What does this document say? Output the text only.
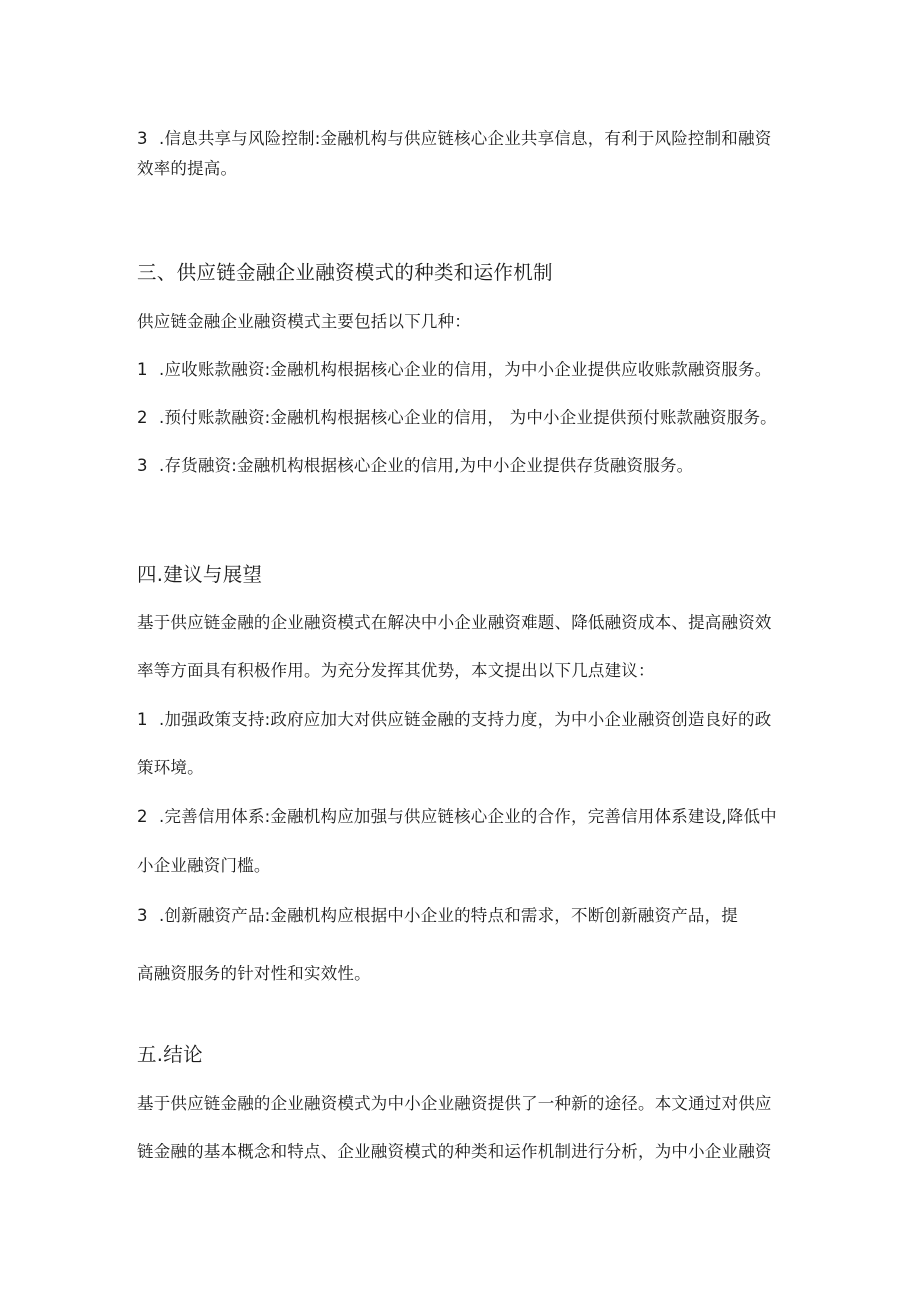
3 .信息共享与风险控制:金融机构与供应链核心企业共享信息，有利于风险控制和融资
效率的提高。
三、供应链金融企业融资模式的种类和运作机制
供应链金融企业融资模式主要包括以下几种：
1 .应收账款融资:金融机构根据核心企业的信用，为中小企业提供应收账款融资服务。
2 .预付账款融资:金融机构根据核心企业的信用， 为中小企业提供预付账款融资服务。
3 .存货融资:金融机构根据核心企业的信用,为中小企业提供存货融资服务。
四.建议与展望
基于供应链金融的企业融资模式在解决中小企业融资难题、降低融资成本、提高融资效
率等方面具有积极作用。为充分发挥其优势，本文提出以下几点建议：
1 .加强政策支持:政府应加大对供应链金融的支持力度，为中小企业融资创造良好的政
策环境。
2 .完善信用体系:金融机构应加强与供应链核心企业的合作，完善信用体系建设,降低中
小企业融资门槛。
3 .创新融资产品:金融机构应根据中小企业的特点和需求，不断创新融资产品，提
高融资服务的针对性和实效性。
五.结论
基于供应链金融的企业融资模式为中小企业融资提供了一种新的途径。本文通过对供应
链金融的基本概念和特点、企业融资模式的种类和运作机制进行分析，为中小企业融资
